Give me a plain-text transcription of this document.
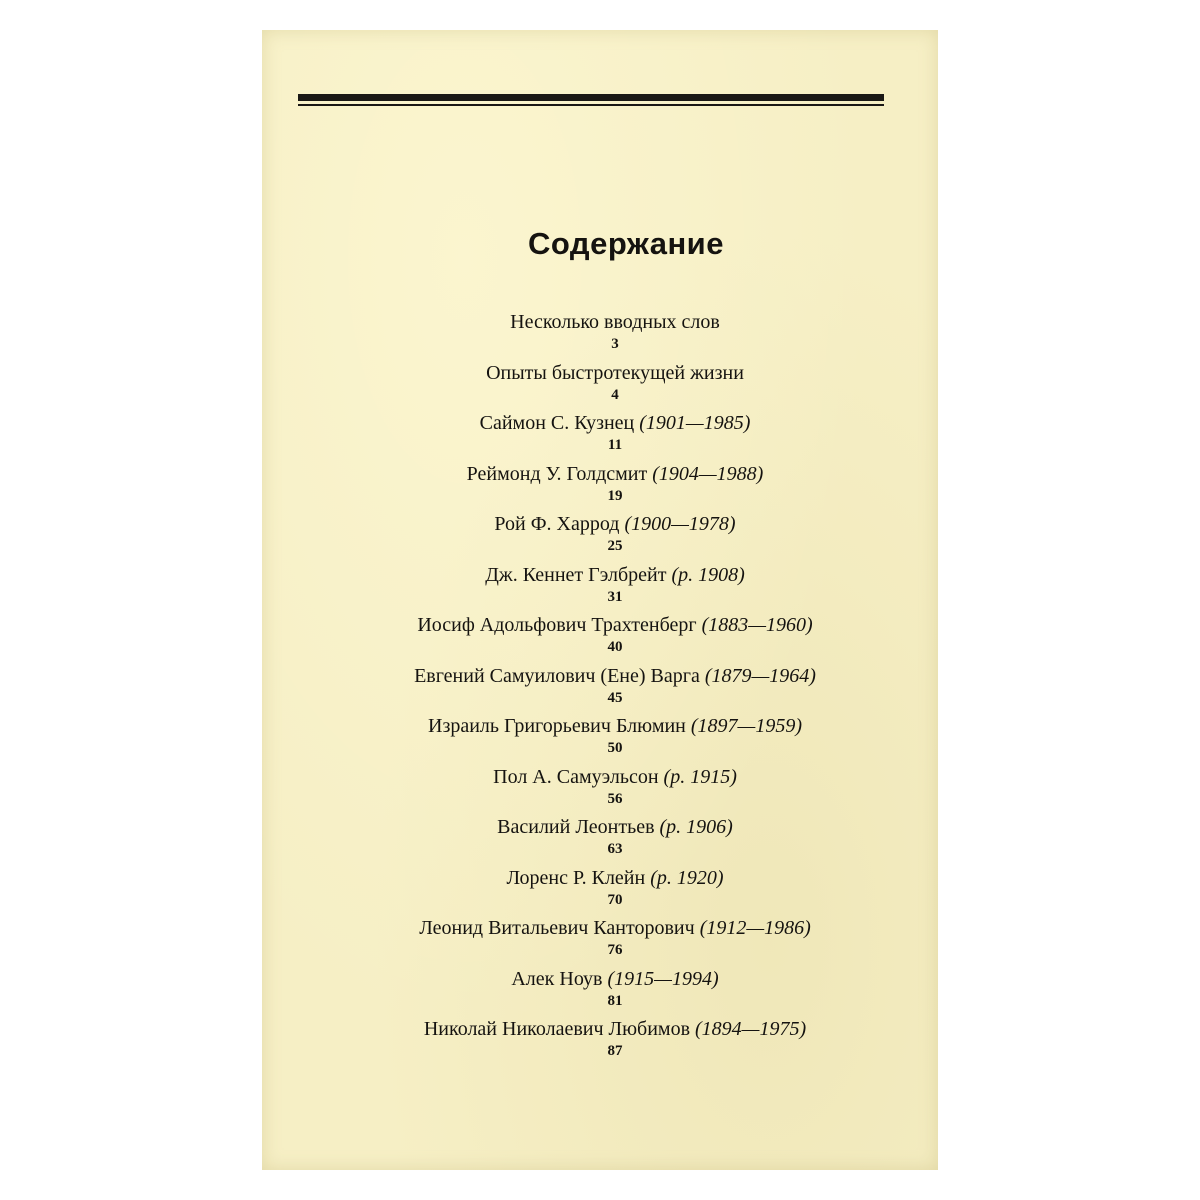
Содержание
Несколько вводных слов
3
Опыты быстротекущей жизни
4
Саймон С. Кузнец (1901—1985)
11
Реймонд У. Голдсмит (1904—1988)
19
Рой Ф. Харрод (1900—1978)
25
Дж. Кеннет Гэлбрейт (р. 1908)
31
Иосиф Адольфович Трахтенберг (1883—1960)
40
Евгений Самуилович (Ене) Варга (1879—1964)
45
Израиль Григорьевич Блюмин (1897—1959)
50
Пол А. Самуэльсон (р. 1915)
56
Василий Леонтьев (р. 1906)
63
Лоренс Р. Клейн (р. 1920)
70
Леонид Витальевич Канторович (1912—1986)
76
Алек Ноув (1915—1994)
81
Николай Николаевич Любимов (1894—1975)
87
